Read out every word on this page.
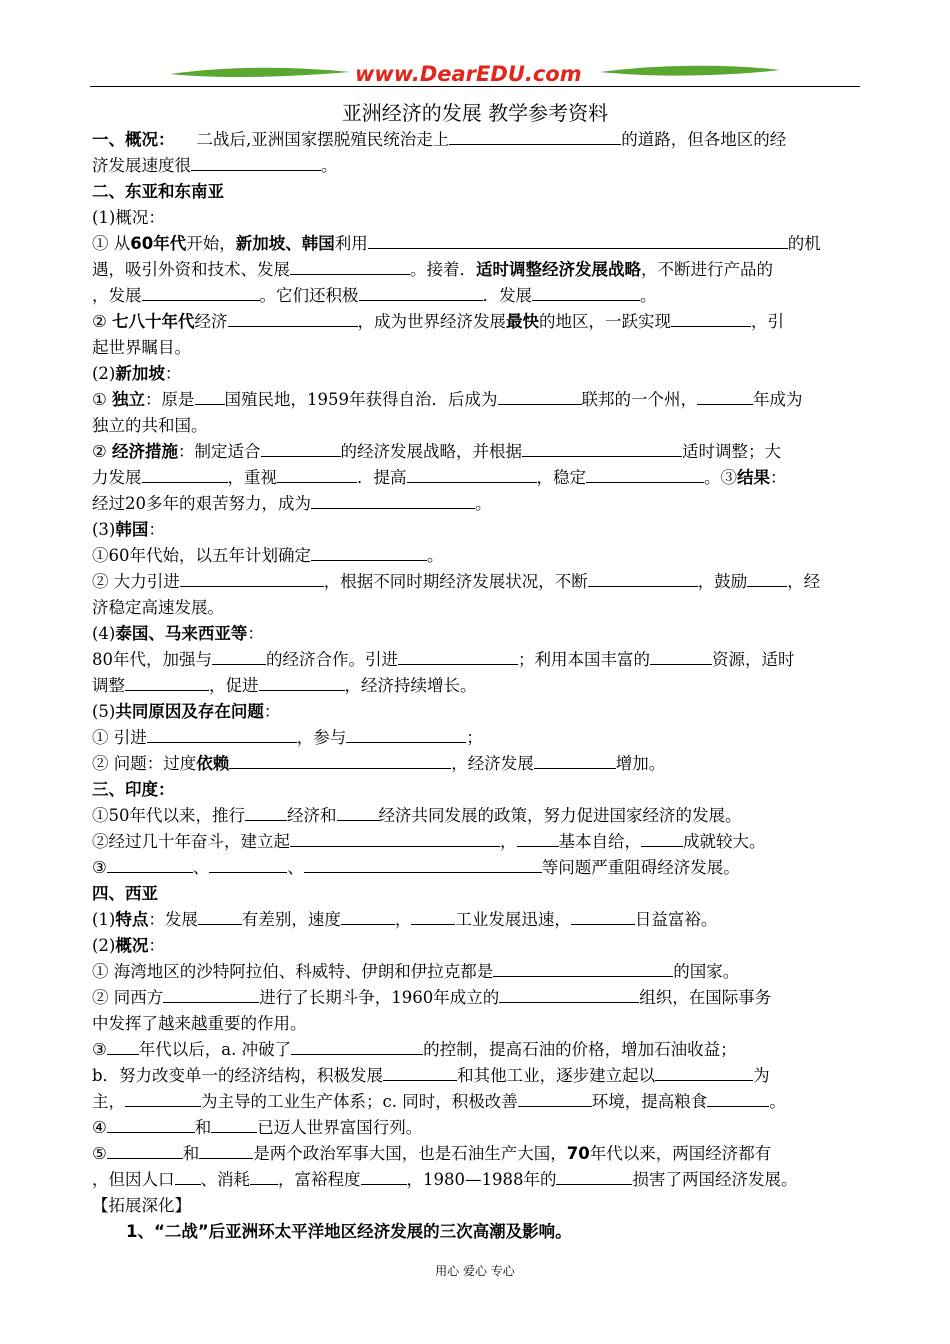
www.DearEDU.com
亚洲经济的发展 教学参考资料
一、概况： 二战后,亚洲国家摆脱殖民统治走上	的道路，但各地区的经
济发展速度很	。
二、东亚和东南亚
(1)概况：
① 从60年代开始，新加坡、韩国利用	的机
遇，吸引外资和技术、发展	。接着．适时调整经济发展战略，不断进行产品的
，发展	。它们还积极	．发展	。
② 七八十年代经济	，成为世界经济发展最快的地区，一跃实现	，引
起世界瞩目。
(2)新加坡：
① 独立：原是 国殖民地，1959年获得自治．后成为	联邦的一个州，	年成为
独立的共和国。
② 经济措施：制定适合	的经济发展战略，并根据	适时调整；大
力发展	，重视	．提高	，稳定	。③结果：
经过20多年的艰苦努力，成为	。
(3)韩国：
①60年代始，以五年计划确定	。
② 大力引进	，根据不同时期经济发展状况，不断	，鼓励 ，经
济稳定高速发展。
(4)泰国、马来西亚等：
80年代，加强与	的经济合作。引进	；利用本国丰富的	资源，适时
调整	，促进	，经济持续增长。
(5)共同原因及存在问题：
① 引进	，参与	；
② 问题：过度依赖	，经济发展	增加。
三、印度：
①50年代以来，推行	经济和	经济共同发展的政策，努力促进国家经济的发展。
②经过几十年奋斗，建立起	，	基本自给，	成就较大。
③	、	、	等问题严重阻碍经济发展。
四、西亚
(1)特点：发展	有差别，速度	，	工业发展迅速，	日益富裕。
(2)概况：
① 海湾地区的沙特阿拉伯、科威特、伊朗和伊拉克都是	的国家。
② 同西方	进行了长期斗争，1960年成立的	组织，在国际事务
中发挥了越来越重要的作用。
③ 年代以后，a. 冲破了	的控制，提高石油的价格，增加石油收益；
b．努力改变单一的经济结构，积极发展	和其他工业，逐步建立起以	为
主，	为主导的工业生产体系；c. 同时，积极改善	环境，提高粮食	。
④	和	已迈人世界富国行列。
⑤	和	是两个政治军事大国，也是石油生产大国，70年代以来，两国经济都有
，但因人口 、消耗 ，富裕程度	，1980—1988年的	损害了两国经济发展。
【拓展深化】
1、“二战”后亚洲环太平洋地区经济发展的三次高潮及影响。
用心 爱心 专心
